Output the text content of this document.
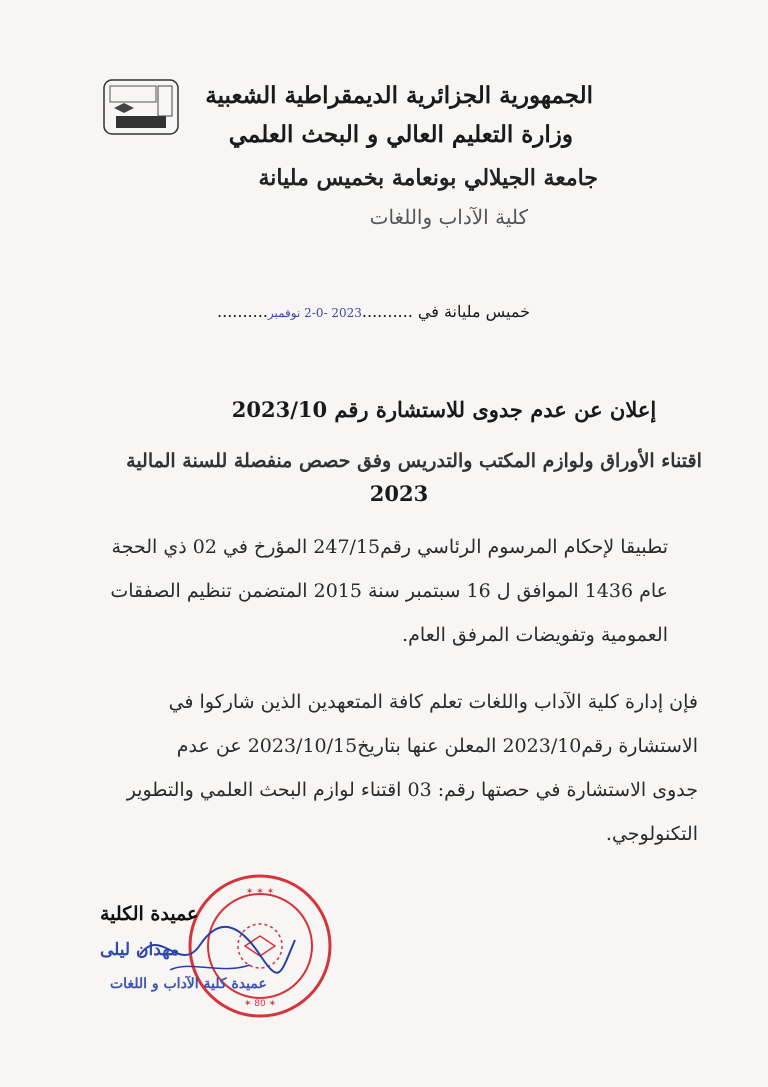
الجمهورية الجزائرية الديمقراطية الشعبية
وزارة التعليم العالي و البحث العلمي
جامعة الجيلالي بونعامة بخميس مليانة
كلية الآداب واللغات
خميس مليانة في ..........2023 -0-2 نوفمبر..........
إعلان عن عدم جدوى للاستشارة رقم 2023/10
اقتناء الأوراق ولوازم المكتب والتدريس وفق حصص منفصلة للسنة المالية
2023
تطبيقا لإحكام المرسوم الرئاسي رقم247/15 المؤرخ في 02 ذي الحجة
عام 1436 الموافق ل 16 سبتمبر سنة 2015 المتضمن تنظيم الصفقات
العمومية وتفويضات المرفق العام.
فإن إدارة كلية الآداب واللغات تعلم كافة المتعهدين الذين شاركوا في
الاستشارة رقم2023/10 المعلن عنها بتاريخ2023/10/15 عن عدم
جدوى الاستشارة في حصتها رقم: 03 اقتناء لوازم البحث العلمي والتطوير
التكنولوجي.
✶ ✶ ✶
✶ 80 ✶
عميدة الكلية
مهدان ليلى
عميدة كلية الآداب و اللغات
